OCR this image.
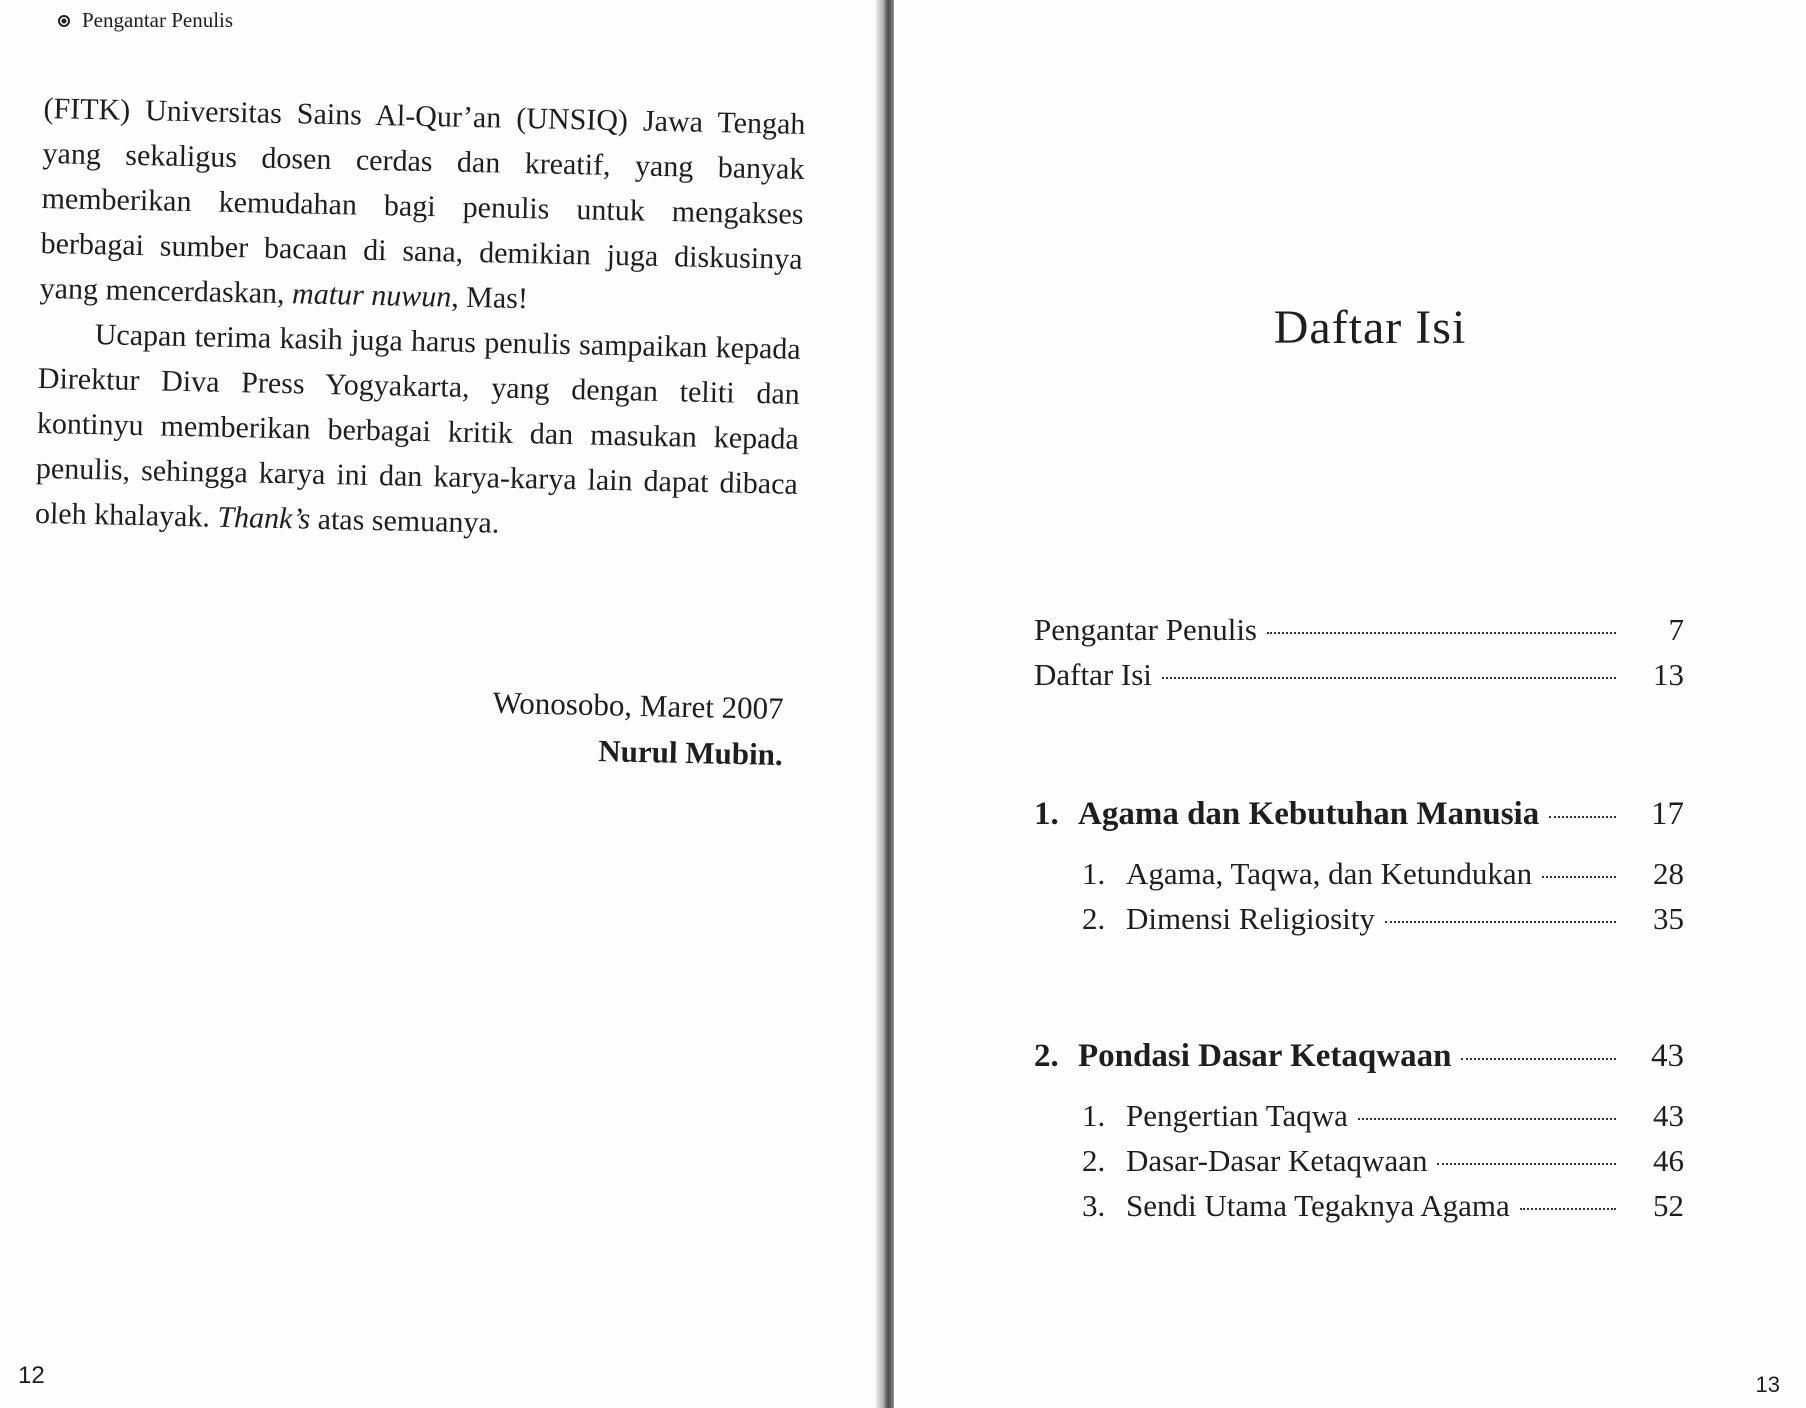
Pengantar Penulis

(FITK) Universitas Sains Al-Qur’an (UNSIQ) Jawa Tengah yang sekaligus dosen cerdas dan kreatif, yang banyak memberikan kemudahan bagi penulis untuk mengakses berbagai sumber bacaan di sana, demikian juga diskusinya yang mencerdaskan, matur nuwun, Mas!

Ucapan terima kasih juga harus penulis sampaikan kepada Direktur Diva Press Yogyakarta, yang dengan teliti dan kontinyu memberikan berbagai kritik dan masukan kepada penulis, sehingga karya ini dan karya-karya lain dapat dibaca oleh khalayak. Thank’s atas semuanya.

Wonosobo, Maret 2007
Nurul Mubin.
12
Daftar Isi
Pengantar Penulis	7
Daftar Isi	13
1. Agama dan Kebutuhan Manusia	17
1. Agama, Taqwa, dan Ketundukan	28
2. Dimensi Religiosity	35
2. Pondasi Dasar Ketaqwaan	43
1. Pengertian Taqwa	43
2. Dasar-Dasar Ketaqwaan	46
3. Sendi Utama Tegaknya Agama	52
13
